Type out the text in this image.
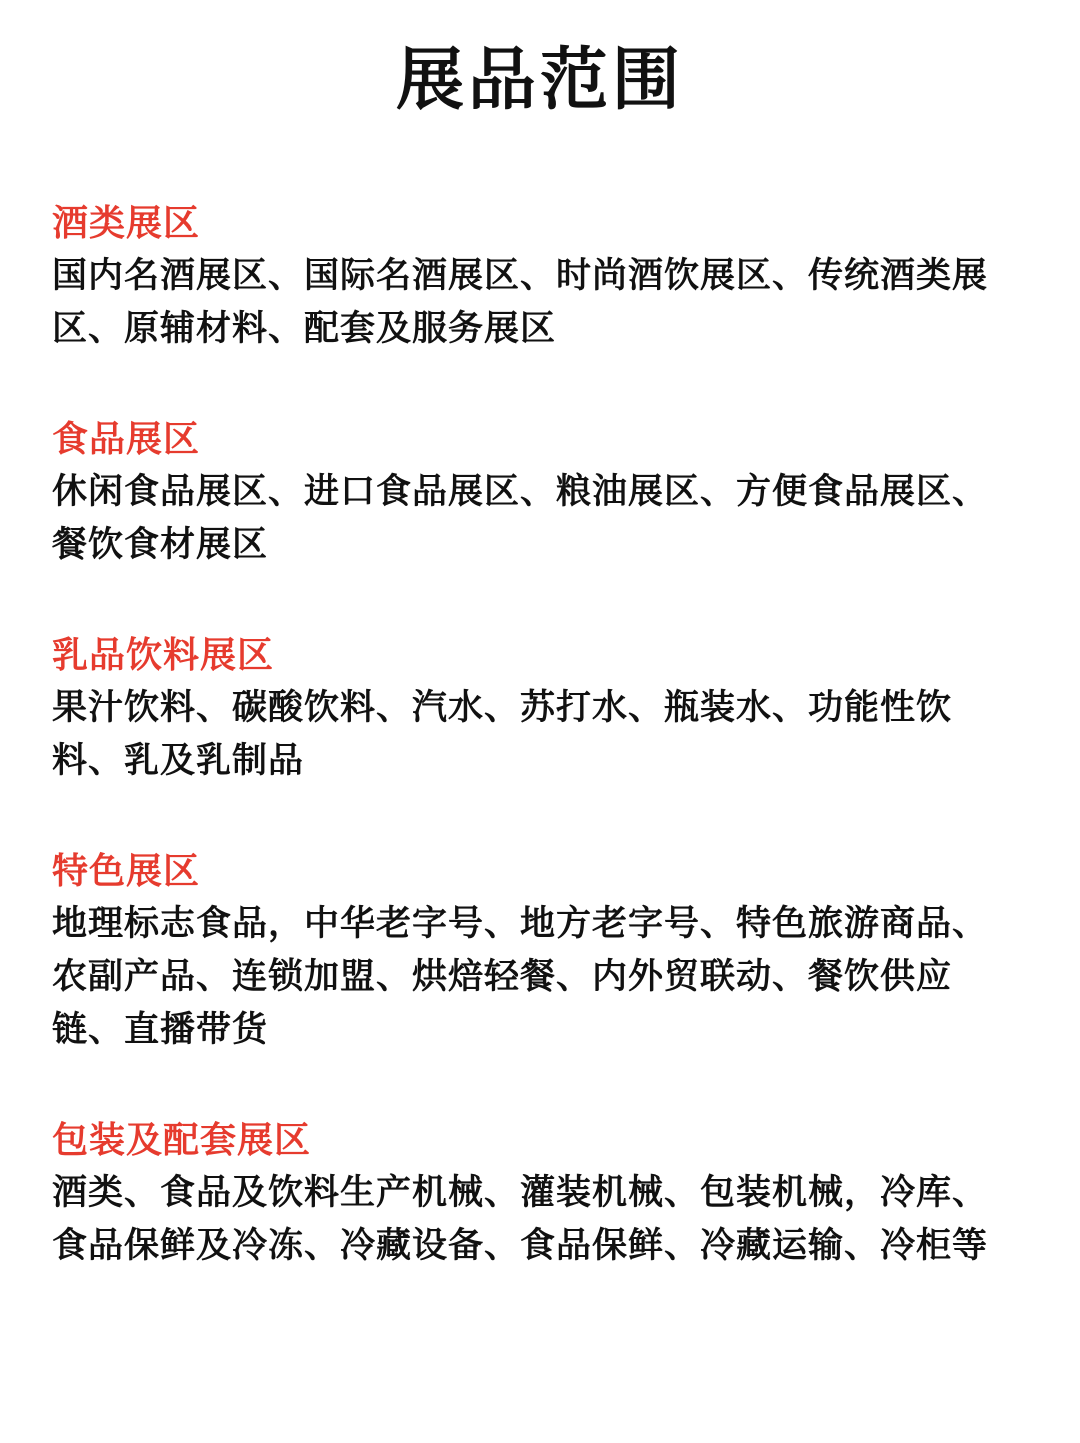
展品范围
酒类展区
国内名酒展区、国际名酒展区、时尚酒饮展区、传统酒类展区、原辅材料、配套及服务展区
食品展区
休闲食品展区、进口食品展区、粮油展区、方便食品展区、餐饮食材展区
乳品饮料展区
果汁饮料、碳酸饮料、汽水、苏打水、瓶装水、功能性饮料、乳及乳制品
特色展区
地理标志食品，中华老字号、地方老字号、特色旅游商品、农副产品、连锁加盟、烘焙轻餐、内外贸联动、餐饮供应链、直播带货
包装及配套展区
酒类、食品及饮料生产机械、灌装机械、包装机械，冷库、食品保鲜及冷冻、冷藏设备、食品保鲜、冷藏运输、冷柜等
